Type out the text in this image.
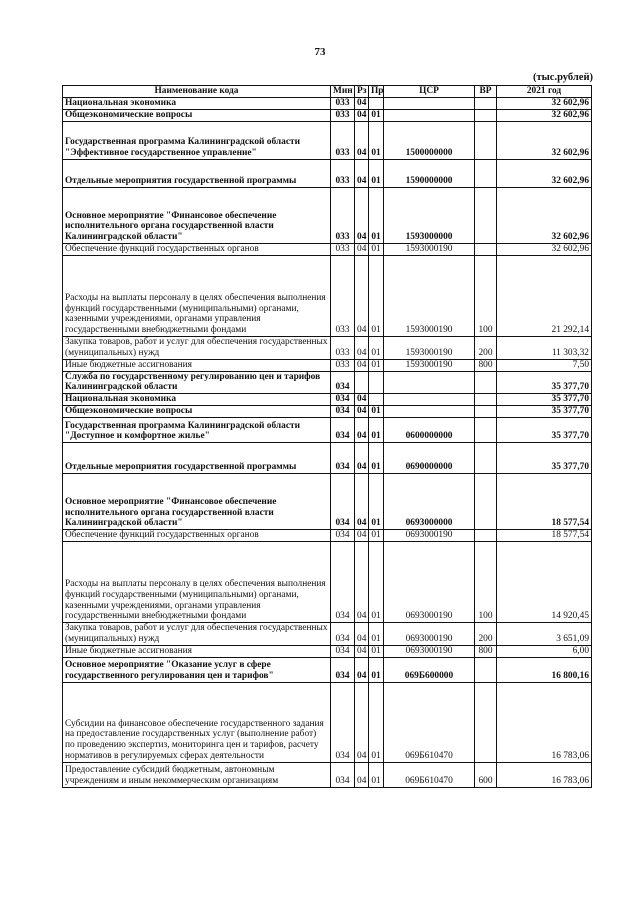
73
(тыс.рублей)
Наименование кода	Мин	Рз	Пр	ЦСР	ВР	2021 год
Национальная экономика	033	04				32 602,96
Общеэкономические вопросы	033	04	01			32 602,96
Государственная программа Калининградской области "Эффективное государственное управление"	033	04	01	1500000000		32 602,96
Отдельные мероприятия государственной программы	033	04	01	1590000000		32 602,96
Основное мероприятие "Финансовое обеспечение исполнительного органа государственной власти Калининградской области"	033	04	01	1593000000		32 602,96
Обеспечение функций государственных органов	033	04	01	1593000190		32 602,96
Расходы на выплаты персоналу в целях обеспечения выполнения функций государственными (муниципальными) органами, казенными учреждениями, органами управления государственными внебюджетными фондами	033	04	01	1593000190	100	21 292,14
Закупка товаров, работ и услуг для обеспечения государственных (муниципальных) нужд	033	04	01	1593000190	200	11 303,32
Иные бюджетные ассигнования	033	04	01	1593000190	800	7,50
Служба по государственному регулированию цен и тарифов Калининградской области	034					35 377,70
Национальная экономика	034	04				35 377,70
Общеэкономические вопросы	034	04	01			35 377,70
Государственная программа Калининградской области "Доступное и комфортное жилье"	034	04	01	0600000000		35 377,70
Отдельные мероприятия государственной программы	034	04	01	0690000000		35 377,70
Основное мероприятие "Финансовое обеспечение исполнительного органа государственной власти Калининградской области"	034	04	01	0693000000		18 577,54
Обеспечение функций государственных органов	034	04	01	0693000190		18 577,54
Расходы на выплаты персоналу в целях обеспечения выполнения функций государственными (муниципальными) органами, казенными учреждениями, органами управления государственными внебюджетными фондами	034	04	01	0693000190	100	14 920,45
Закупка товаров, работ и услуг для обеспечения государственных (муниципальных) нужд	034	04	01	0693000190	200	3 651,09
Иные бюджетные ассигнования	034	04	01	0693000190	800	6,00
Основное мероприятие "Оказание услуг в сфере государственного регулирования цен и тарифов"	034	04	01	069Б600000		16 800,16
Субсидии на финансовое обеспечение государственного задания на предоставление государственных услуг (выполнение работ) по проведению экспертиз, мониторинга цен и тарифов, расчету нормативов в регулируемых сферах деятельности	034	04	01	069Б610470		16 783,06
Предоставление субсидий бюджетным, автономным учреждениям и иным некоммерческим организациям	034	04	01	069Б610470	600	16 783,06
